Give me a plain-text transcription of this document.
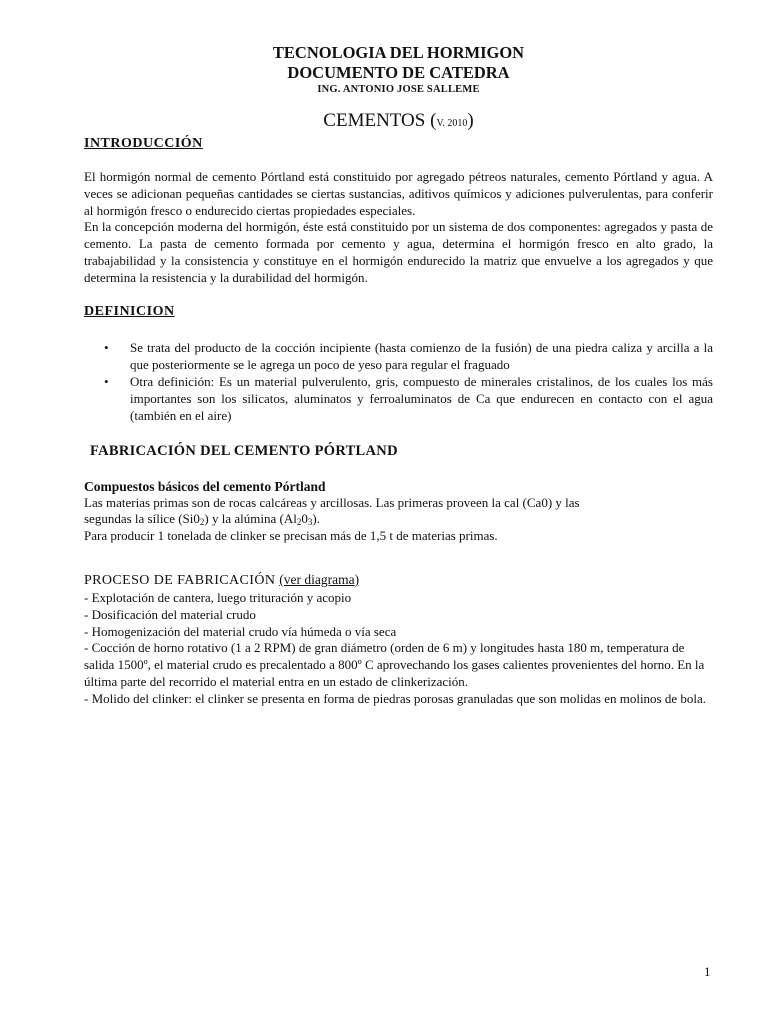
TECNOLOGIA DEL HORMIGON
DOCUMENTO DE CATEDRA
ING. ANTONIO JOSE SALLEME
CEMENTOS (V. 2010)
INTRODUCCIÓN

El hormigón normal de cemento Pórtland está constituido por agregado pétreos naturales, cemento Pórtland y agua. A veces se adicionan pequeñas cantidades se ciertas sustancias, aditivos químicos y adiciones pulverulentas, para conferir al hormigón fresco o endurecido ciertas propiedades especiales.

En la concepción moderna del hormigón, éste está constituido por un sistema de dos componentes: agregados y pasta de cemento. La pasta de cemento formada por cemento y agua, determina el hormigón fresco en alto grado, la trabajabilidad y la consistencia y constituye en el hormigón endurecido la matriz que envuelve a los agregados y que determina la resistencia y la durabilidad del hormigón.

DEFINICION
• Se trata del producto de la cocción incipiente (hasta comienzo de la fusión) de una piedra caliza y arcilla a la que posteriormente se le agrega un poco de yeso para regular el fraguado
• Otra definición: Es un material pulverulento, gris, compuesto de minerales cristalinos, de los cuales los más importantes son los silicatos, aluminatos y ferroaluminatos de Ca que endurecen en contacto con el agua (también en el aire)
FABRICACIÓN DEL CEMENTO PÓRTLAND
Compuestos básicos del cemento Pórtland

Las materias primas son de rocas calcáreas y arcillosas. Las primeras proveen la cal (Ca0) y las

segundas la sílice $(Si0_2)$ y la alúmina $(Al_20_3)$.

Para producir 1 tonelada de clinker se precisan más de 1,5 t de materias primas.

PROCESO DE FABRICACIÓN (ver diagrama)

- Explotación de cantera, luego trituración y acopio

- Dosificación del material crudo

- Homogenización del material crudo vía húmeda o vía seca

- Cocción de horno rotativo (1 a 2 RPM) de gran diámetro (orden de 6 m) y longitudes hasta 180 m, temperatura de salida 1500º, el material crudo es precalentado a 800º C aprovechando los gases calientes provenientes del horno. En la última parte del recorrido el material entra en un estado de clinkerización.

- Molido del clinker: el clinker se presenta en forma de piedras porosas granuladas que son molidas en molinos de bola.

1
